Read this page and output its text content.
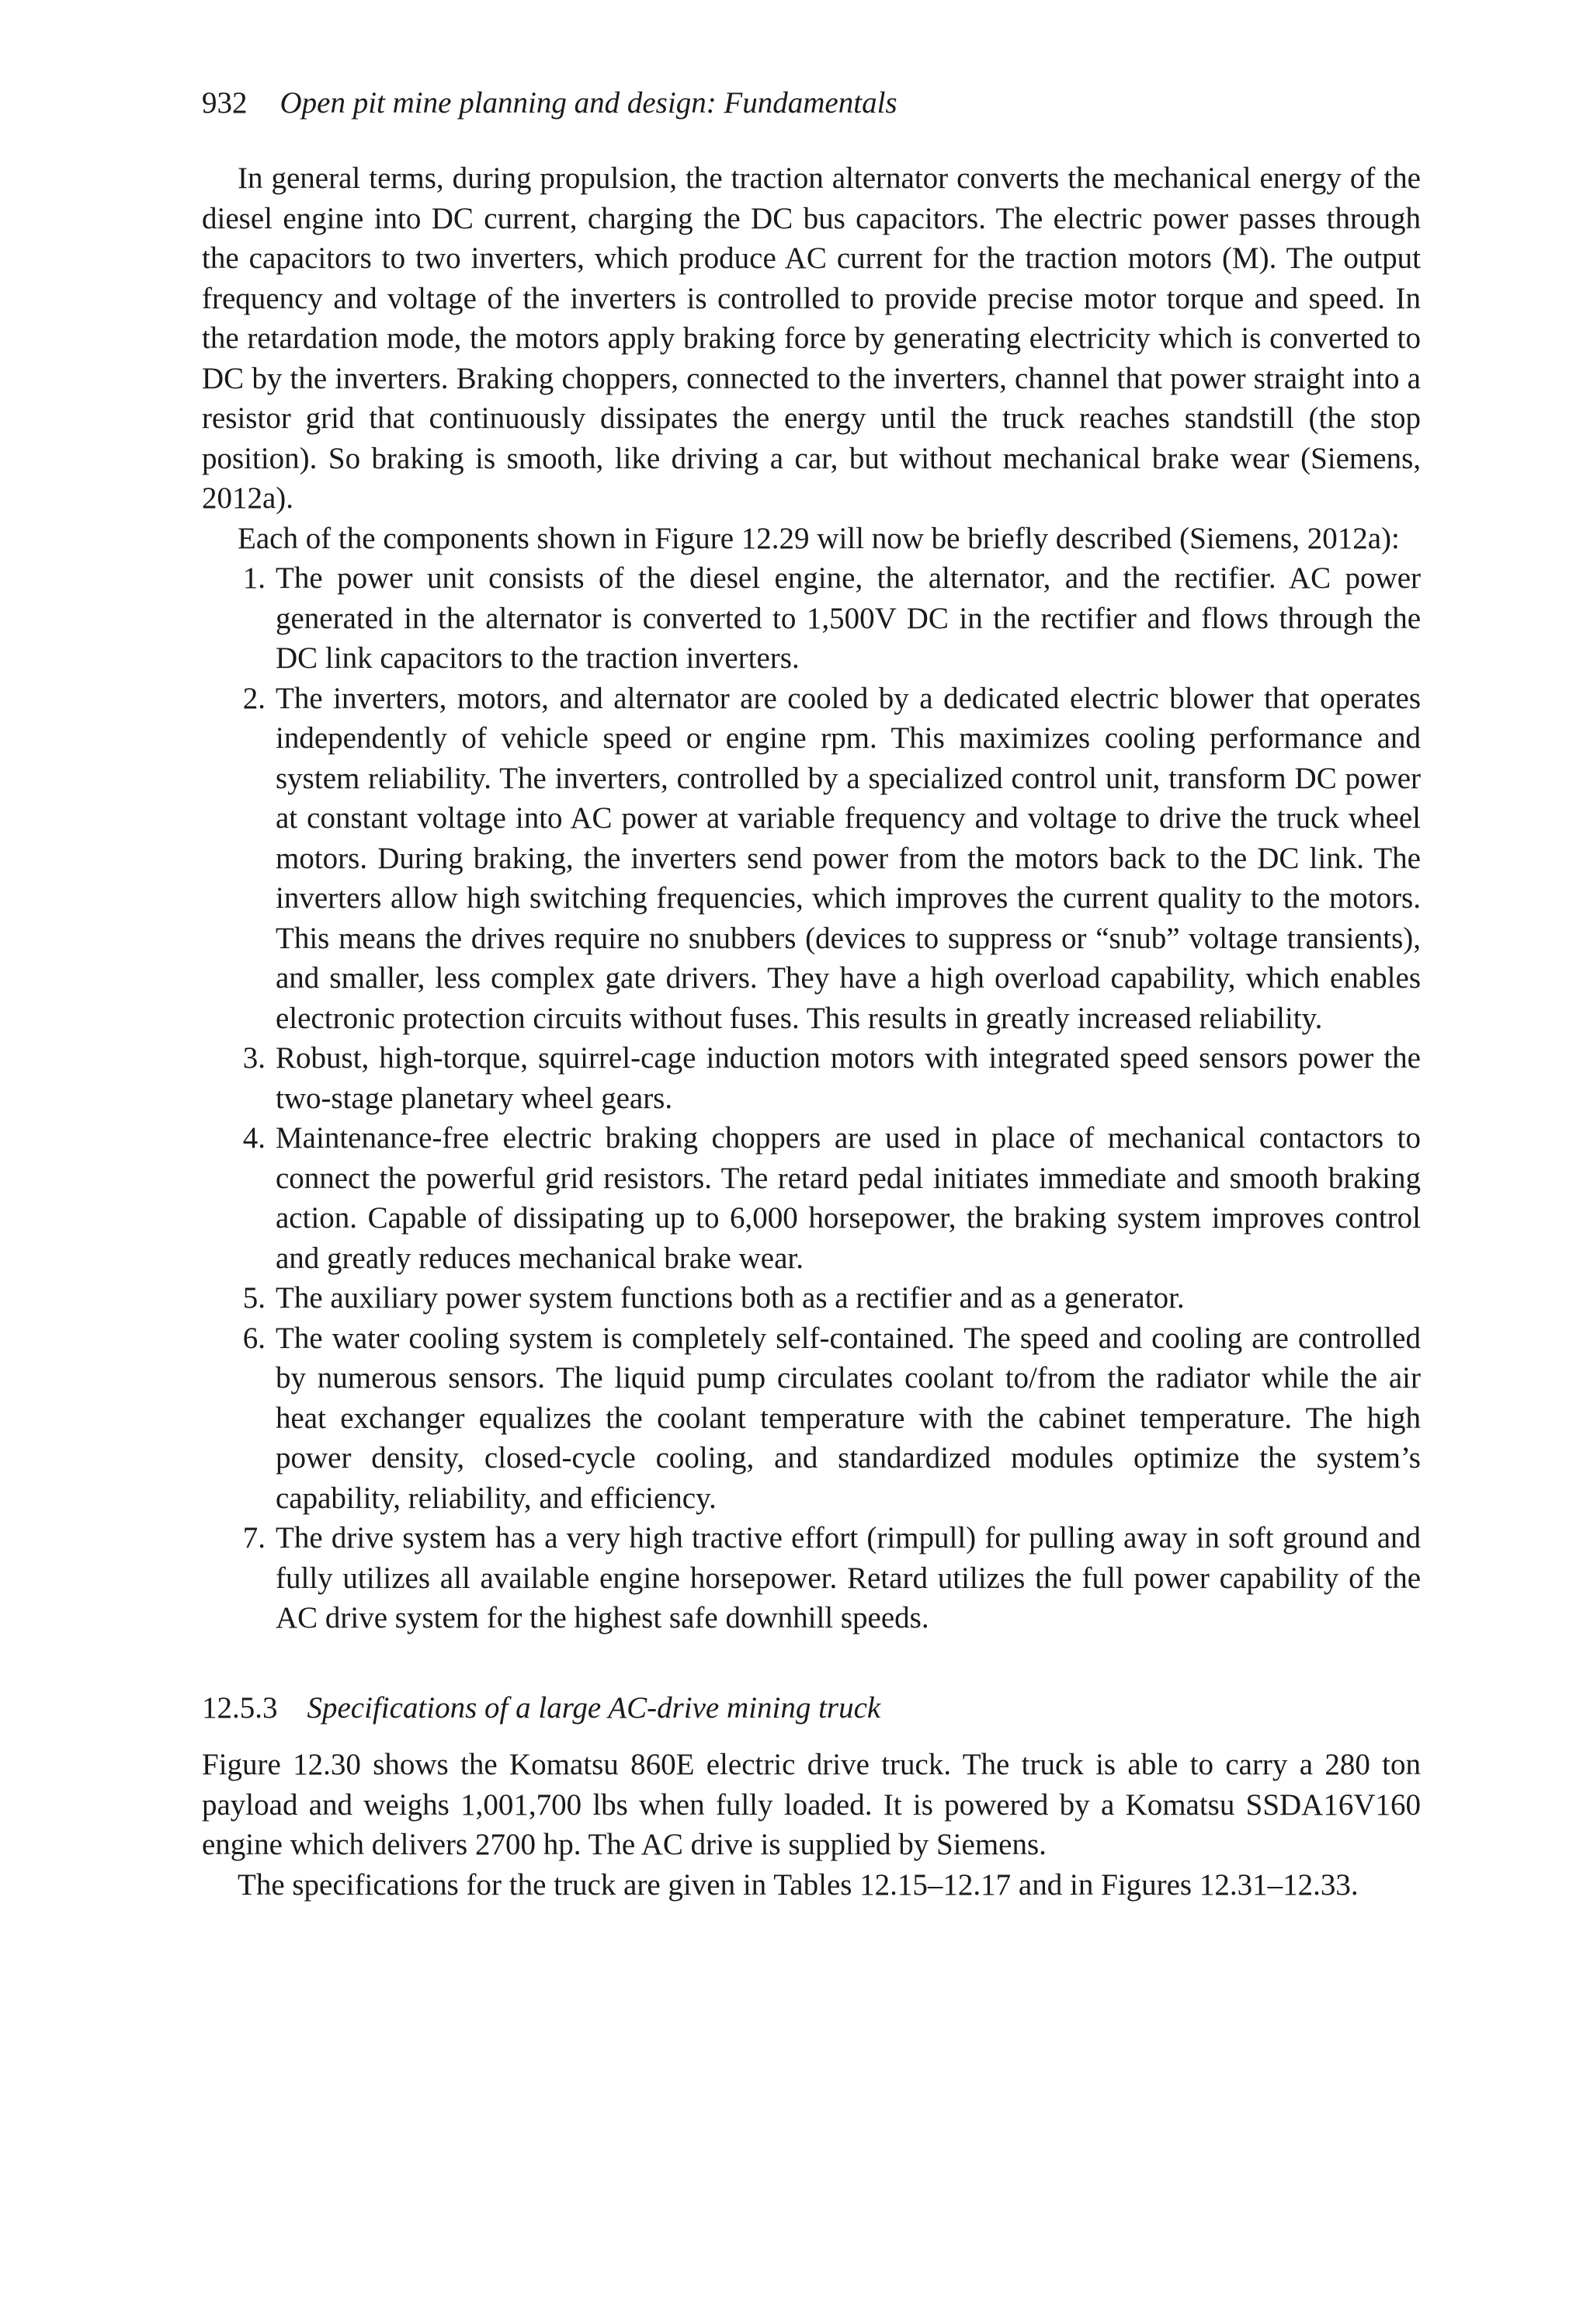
932 Open pit mine planning and design: Fundamentals

In general terms, during propulsion, the traction alternator converts the mechanical energy of the diesel engine into DC current, charging the DC bus capacitors. The electric power passes through the capacitors to two inverters, which produce AC current for the traction motors (M). The output frequency and voltage of the inverters is controlled to provide precise motor torque and speed. In the retardation mode, the motors apply braking force by generating electricity which is converted to DC by the inverters. Braking choppers, connected to the inverters, channel that power straight into a resistor grid that continuously dissipates the energy until the truck reaches standstill (the stop position). So braking is smooth, like driving a car, but without mechanical brake wear (Siemens, 2012a).

Each of the components shown in Figure 12.29 will now be briefly described (Siemens, 2012a):

1. The power unit consists of the diesel engine, the alternator, and the rectifier. AC power generated in the alternator is converted to 1,500V DC in the rectifier and flows through the DC link capacitors to the traction inverters.
2. The inverters, motors, and alternator are cooled by a dedicated electric blower that operates independently of vehicle speed or engine rpm. This maximizes cooling performance and system reliability. The inverters, controlled by a specialized control unit, transform DC power at constant voltage into AC power at variable frequency and voltage to drive the truck wheel motors. During braking, the inverters send power from the motors back to the DC link. The inverters allow high switching frequencies, which improves the current quality to the motors. This means the drives require no snubbers (devices to suppress or “snub” voltage transients), and smaller, less complex gate drivers. They have a high overload capability, which enables electronic protection circuits without fuses. This results in greatly increased reliability.
3. Robust, high-torque, squirrel-cage induction motors with integrated speed sensors power the two-stage planetary wheel gears.
4. Maintenance-free electric braking choppers are used in place of mechanical contactors to connect the powerful grid resistors. The retard pedal initiates immediate and smooth braking action. Capable of dissipating up to 6,000 horsepower, the braking system improves control and greatly reduces mechanical brake wear.
5. The auxiliary power system functions both as a rectifier and as a generator.
6. The water cooling system is completely self-contained. The speed and cooling are controlled by numerous sensors. The liquid pump circulates coolant to/from the radiator while the air heat exchanger equalizes the coolant temperature with the cabinet temperature. The high power density, closed-cycle cooling, and standardized modules optimize the system’s capability, reliability, and efficiency.
7. The drive system has a very high tractive effort (rimpull) for pulling away in soft ground and fully utilizes all available engine horsepower. Retard utilizes the full power capability of the AC drive system for the highest safe downhill speeds.
12.5.3 Specifications of a large AC-drive mining truck

Figure 12.30 shows the Komatsu 860E electric drive truck. The truck is able to carry a 280 ton payload and weighs 1,001,700 lbs when fully loaded. It is powered by a Komatsu SSDA16V160 engine which delivers 2700 hp. The AC drive is supplied by Siemens.

The specifications for the truck are given in Tables 12.15–12.17 and in Figures 12.31–12.33.
